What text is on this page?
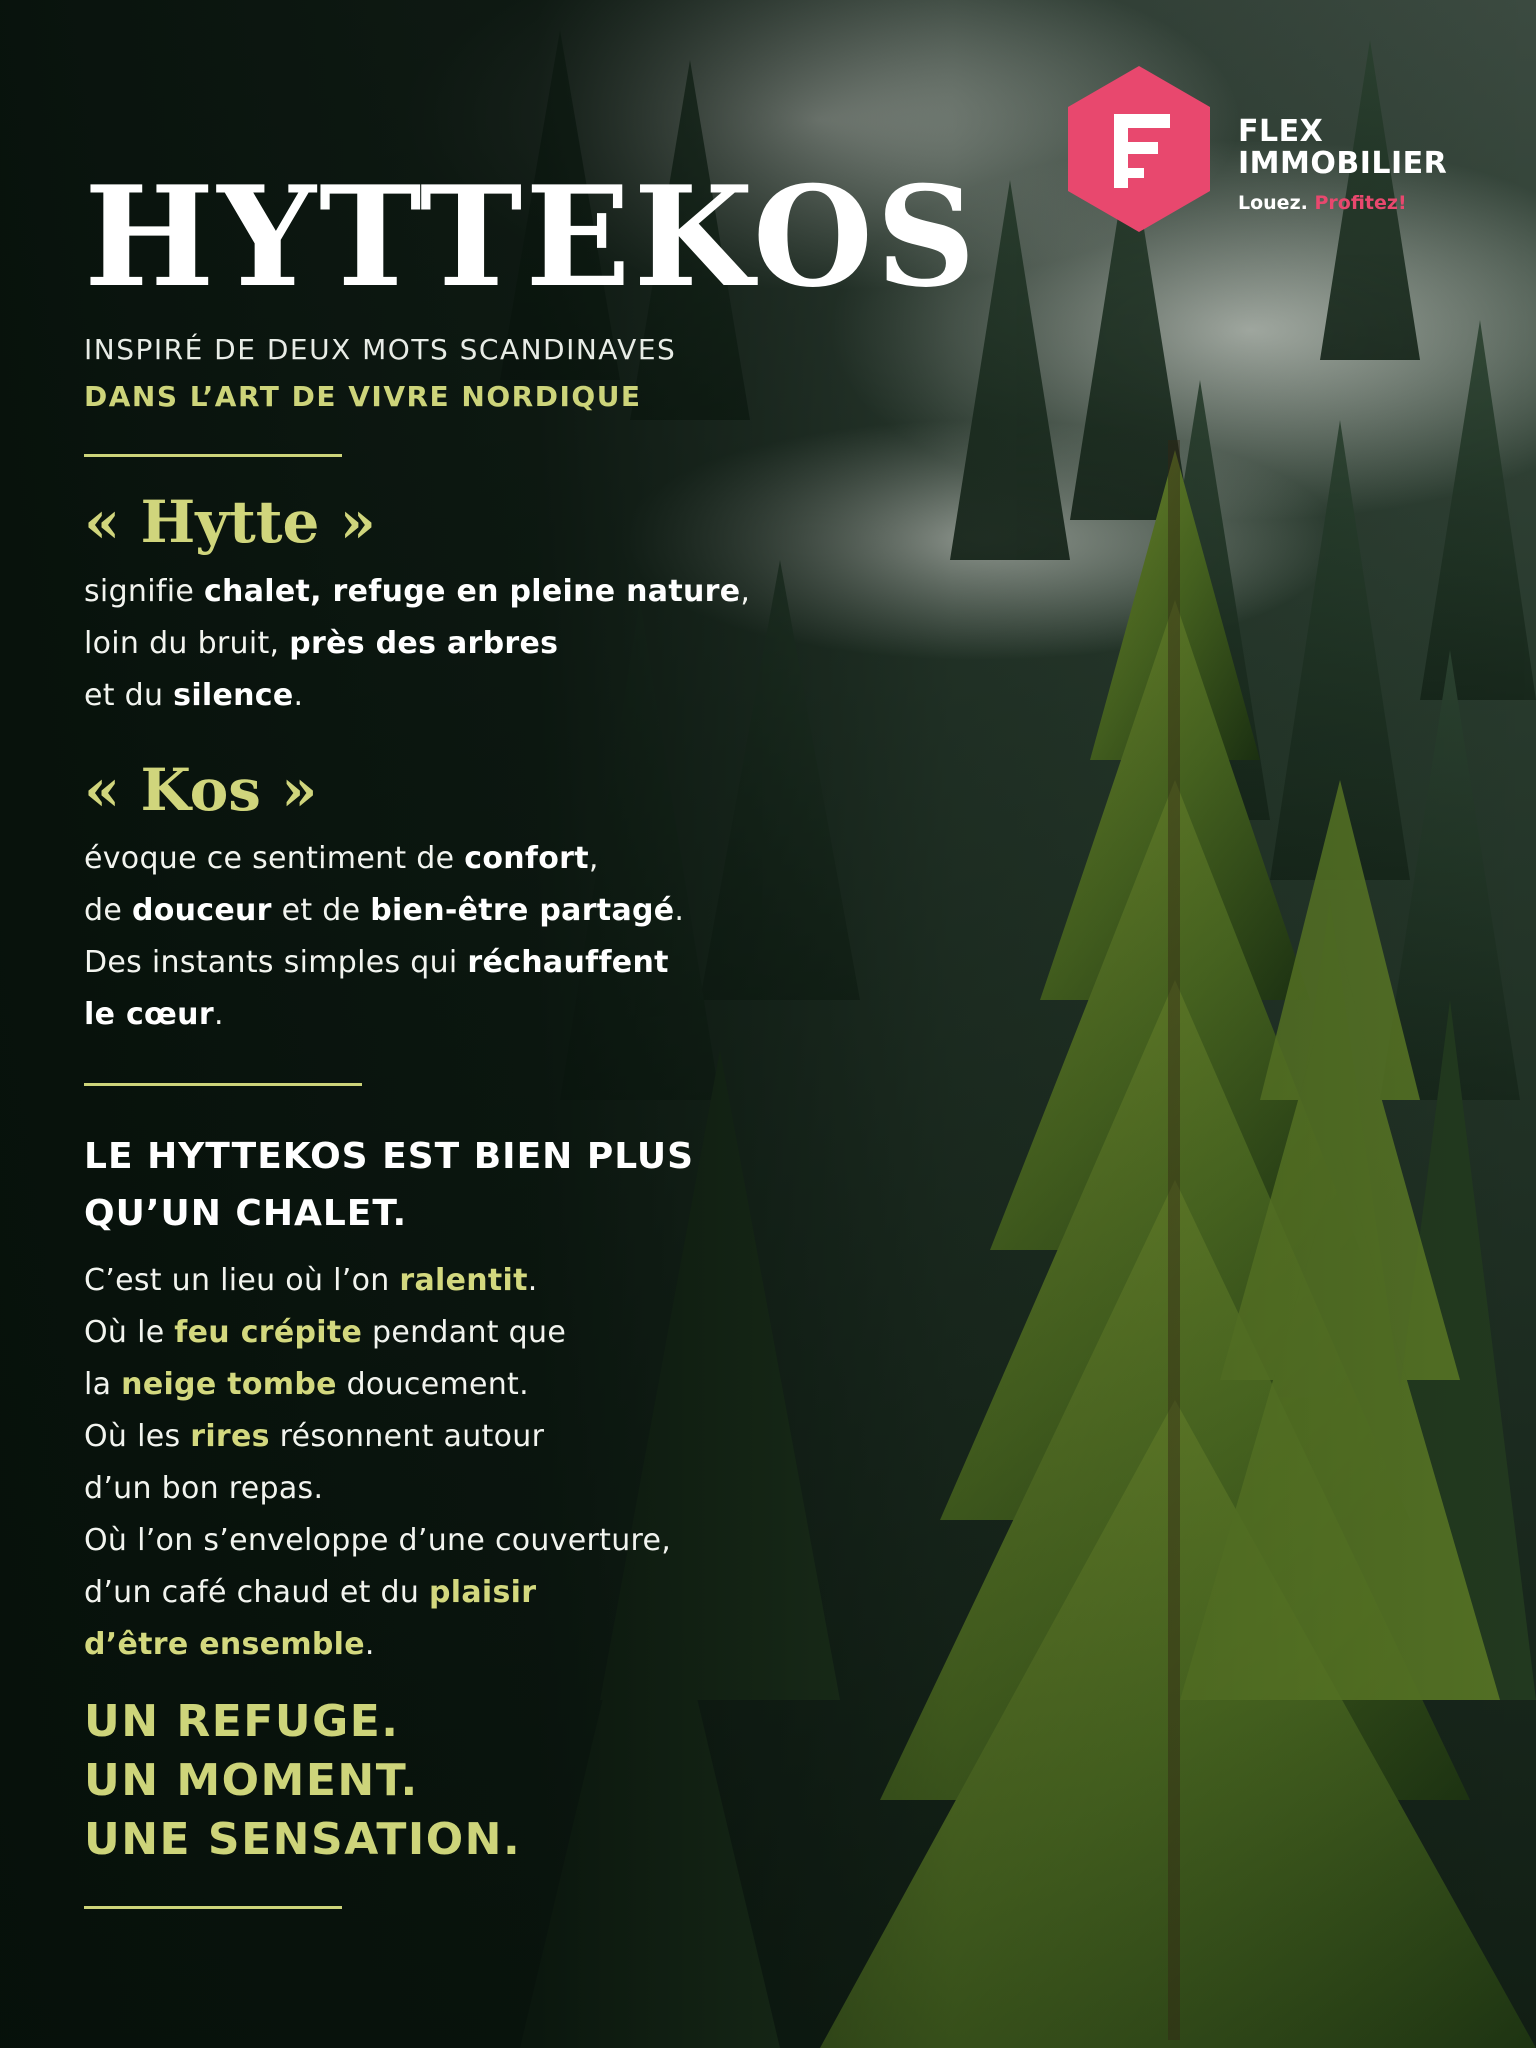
HYTTEKOS
INSPIRÉ DE DEUX MOTS SCANDINAVES
DANS L’ART DE VIVRE NORDIQUE
« Hytte »
signifie chalet, refuge en pleine nature,
loin du bruit, près des arbres
et du silence.
« Kos »
évoque ce sentiment de confort,
de douceur et de bien-être partagé.
Des instants simples qui réchauffent
le cœur.
LE HYTTEKOS EST BIEN PLUS
QU’UN CHALET.
C’est un lieu où l’on ralentit.
Où le feu crépite pendant que
la neige tombe doucement.
Où les rires résonnent autour
d’un bon repas.
Où l’on s’enveloppe d’une couverture,
d’un café chaud et du plaisir
d’être ensemble.
UN REFUGE.
UN MOMENT.
UNE SENSATION.
FLEX
IMMOBILIER
Louez. Profitez!
